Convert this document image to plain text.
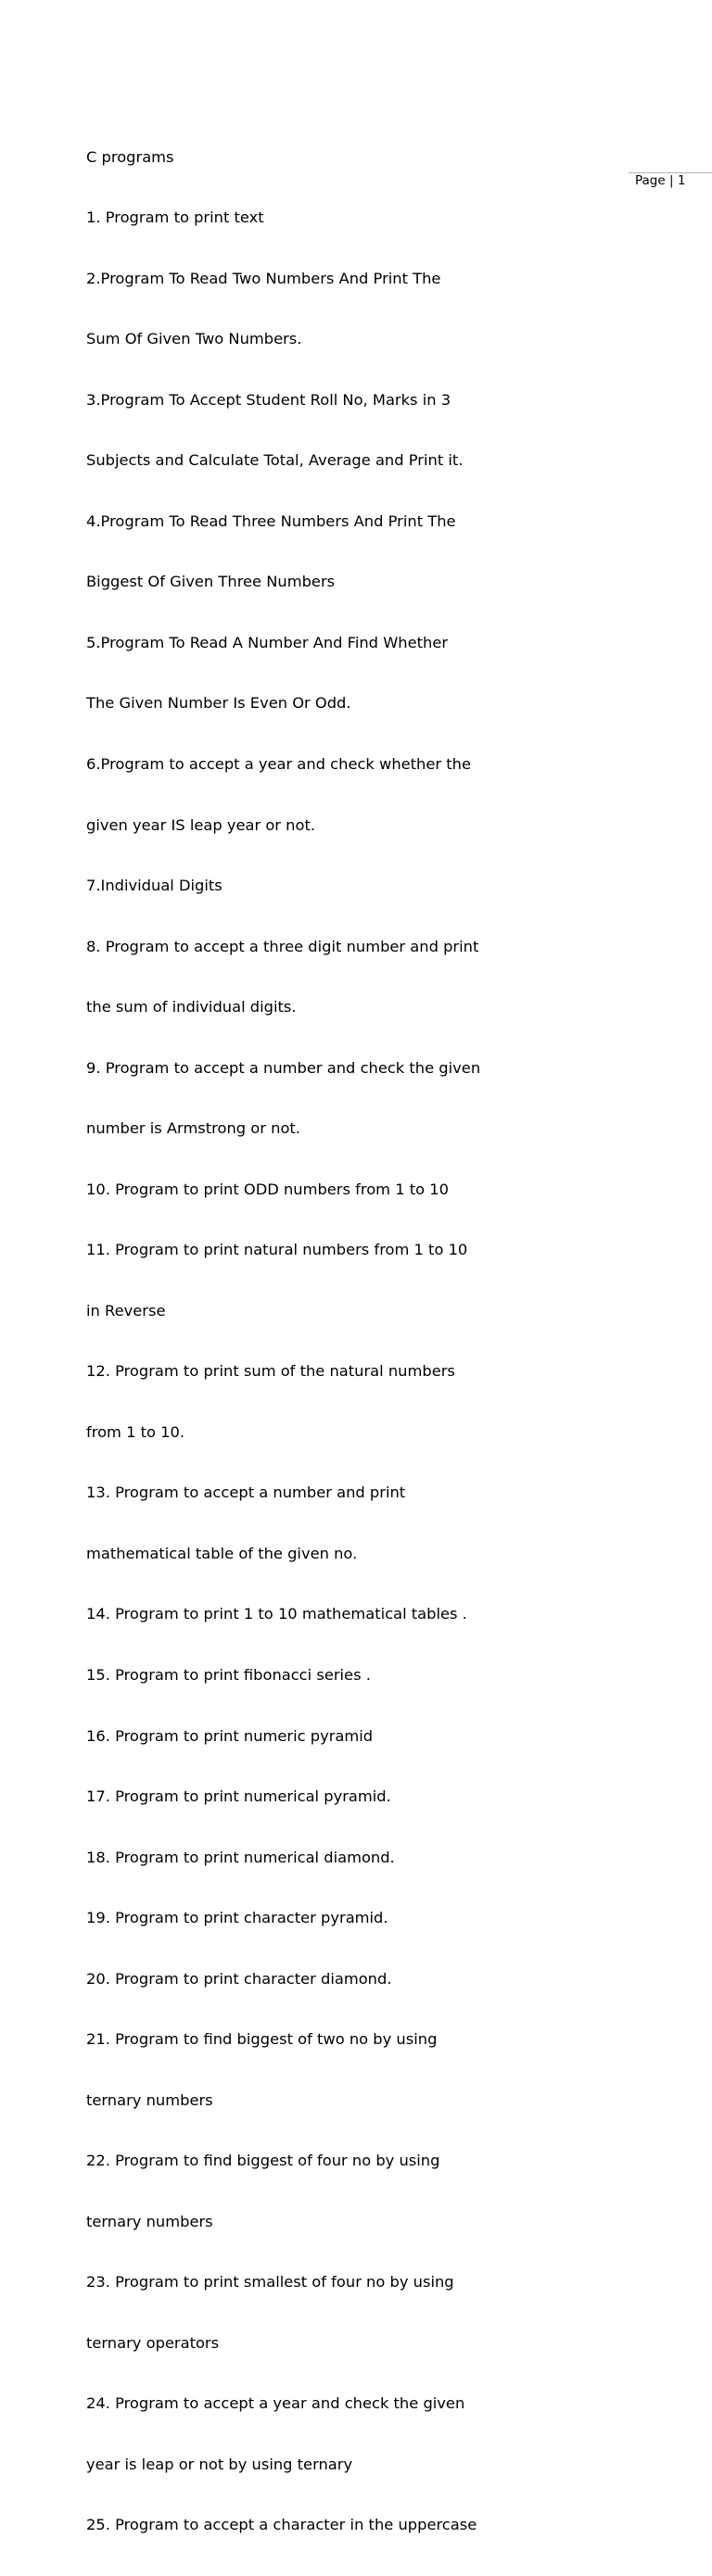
C programs

1. Program to print text

2.Program To Read Two Numbers And Print The

Sum Of Given Two Numbers.

3.Program To Accept Student Roll No, Marks in 3

Subjects and Calculate Total, Average and Print it.

4.Program To Read Three Numbers And Print The

Biggest Of Given Three Numbers

5.Program To Read A Number And Find Whether

The Given Number Is Even Or Odd.

6.Program to accept a year and check whether the

given year IS leap year or not.

7.Individual Digits

8. Program to accept a three digit number and print

the sum of individual digits.

9. Program to accept a number and check the given

number is Armstrong or not.

10. Program to print ODD numbers from 1 to 10

11. Program to print natural numbers from 1 to 10

in Reverse

12. Program to print sum of the natural numbers

from 1 to 10.

13. Program to accept a number and print

mathematical table of the given no.

14. Program to print 1 to 10 mathematical tables .

15. Program to print fibonacci series .

16. Program to print numeric pyramid

17. Program to print numerical pyramid.

18. Program to print numerical diamond.

19. Program to print character pyramid.

20. Program to print character diamond.

21. Program to find biggest of two no by using

ternary numbers

22. Program to find biggest of four no by using

ternary numbers

23. Program to print smallest of four no by using

ternary operators

24. Program to accept a year and check the given

year is leap or not by using ternary

25. Program to accept a character in the uppercase

Page | 1
